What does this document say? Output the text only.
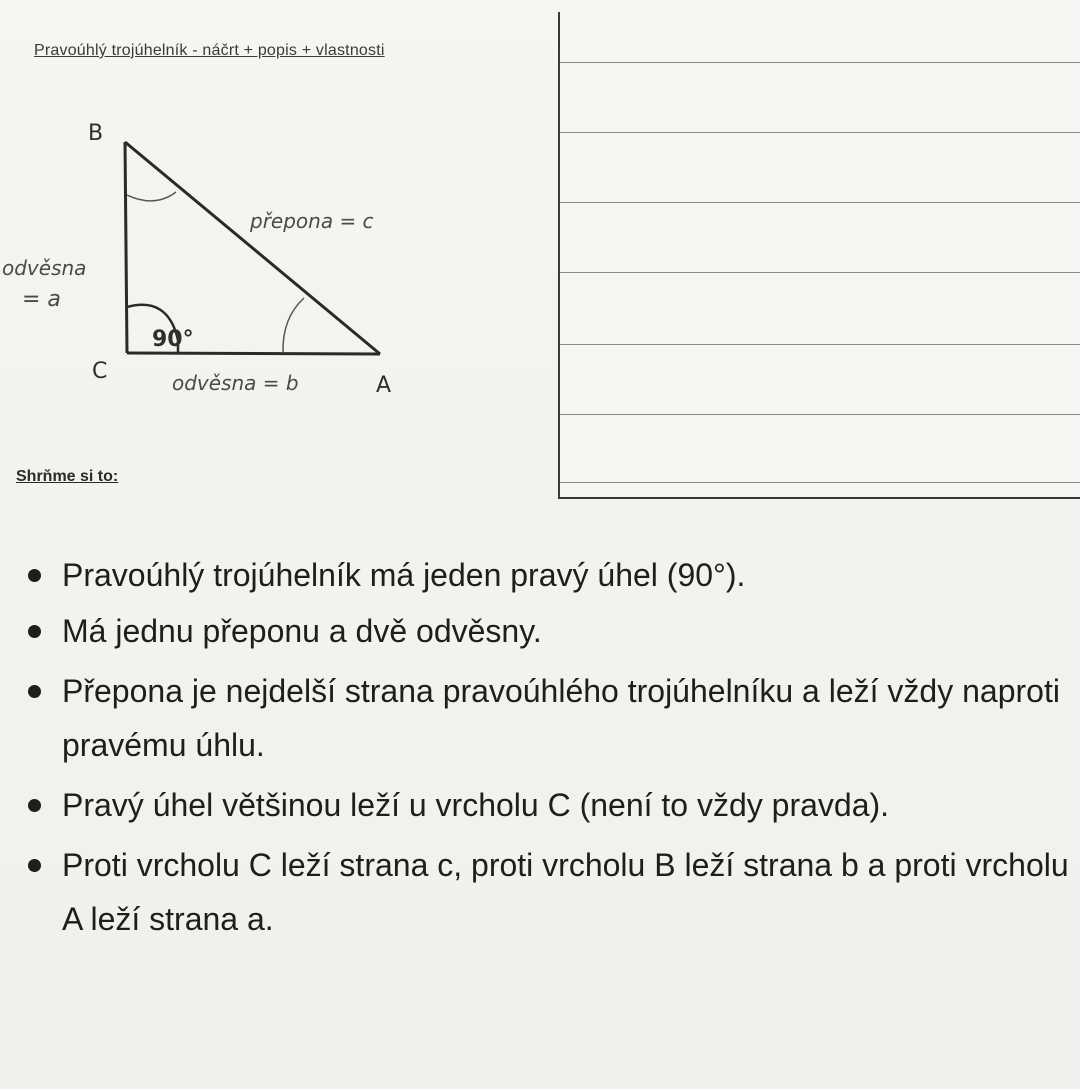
Pravoúhlý trojúhelník - náčrt + popis + vlastnosti
B
C
A
90°
přepona = c
odvěsna
= a
odvěsna = b
Shrňme si to:
Pravoúhlý trojúhelník má jeden pravý úhel (90°).
Má jednu přeponu a dvě odvěsny.
Přepona je nejdelší strana pravoúhlého trojúhelníku a leží vždy naproti pravému úhlu.
Pravý úhel většinou leží u vrcholu C (není to vždy pravda).
Proti vrcholu C leží strana c, proti vrcholu B leží strana b a proti vrcholu A leží strana a.
